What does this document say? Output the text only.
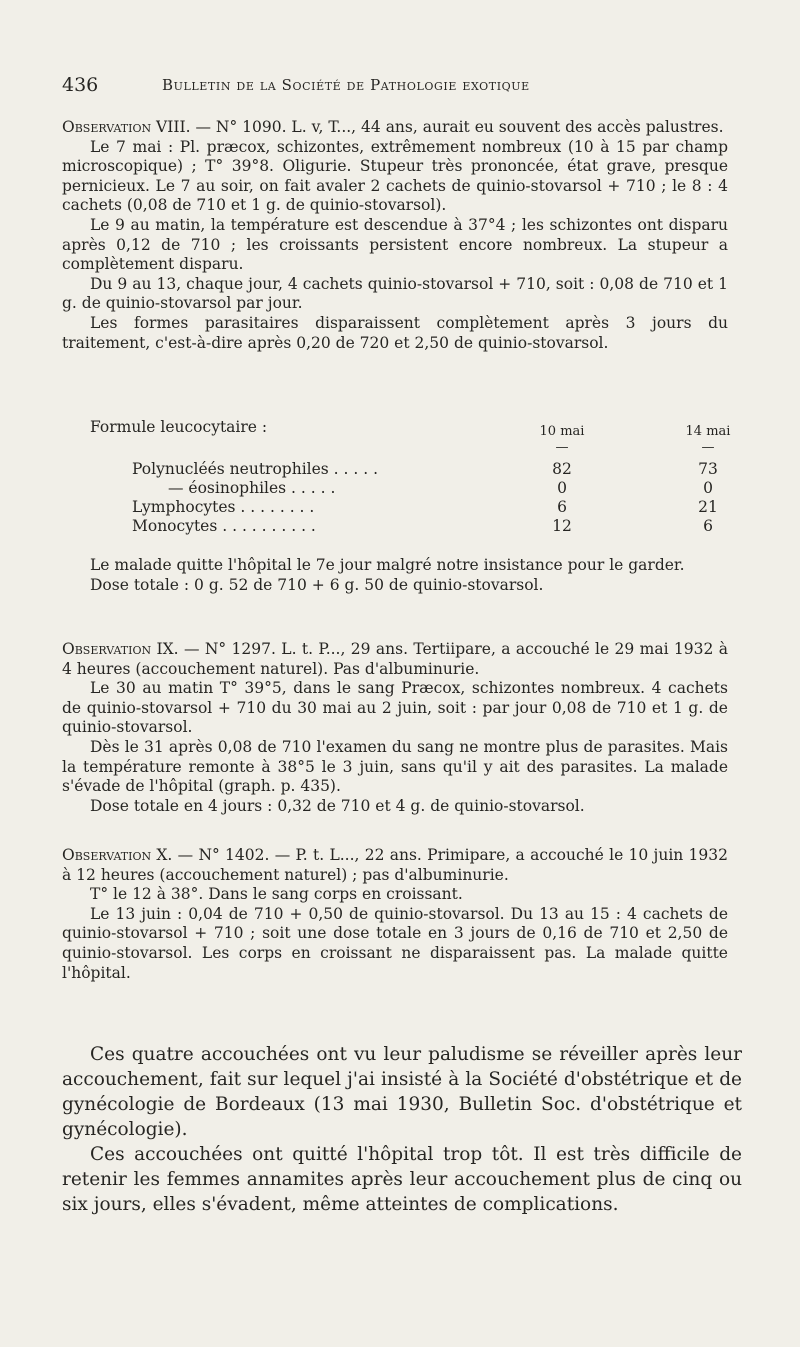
436	Bulletin de la Société de Pathologie exotique

Observation VIII. — N° 1090. L. v, T..., 44 ans, aurait eu souvent des accès palustres.

Le 7 mai : Pl. præcox, schizontes, extrêmement nombreux (10 à 15 par champ microscopique) ; T° 39°8. Oligurie. Stupeur très prononcée, état grave, presque pernicieux. Le 7 au soir, on fait avaler 2 cachets de quinio-stovarsol + 710 ; le 8 : 4 cachets (0,08 de 710 et 1 g. de quinio-stovarsol).

Le 9 au matin, la température est descendue à 37°4 ; les schizontes ont disparu après 0,12 de 710 ; les croissants persistent encore nombreux. La stupeur a complètement disparu.

Du 9 au 13, chaque jour, 4 cachets quinio-stovarsol + 710, soit : 0,08 de 710 et 1 g. de quinio-stovarsol par jour.

Les formes parasitaires disparaissent complètement après 3 jours du traitement, c'est-à-dire après 0,20 de 720 et 2,50 de quinio-stovarsol.

Formule leucocytaire :	10 mai	14 mai
—	—
Polynucléés neutrophiles . . . . .	82	73
— éosinophiles . . . . .	0	0
Lymphocytes . . . . . . . .	6	21
Monocytes . . . . . . . . . .	12	6

Le malade quitte l'hôpital le 7e jour malgré notre insistance pour le garder.

Dose totale : 0 g. 52 de 710 + 6 g. 50 de quinio-stovarsol.

Observation IX. — N° 1297. L. t. P..., 29 ans. Tertiipare, a accouché le 29 mai 1932 à 4 heures (accouchement naturel). Pas d'albuminurie.

Le 30 au matin T° 39°5, dans le sang Præcox, schizontes nombreux. 4 cachets de quinio-stovarsol + 710 du 30 mai au 2 juin, soit : par jour 0,08 de 710 et 1 g. de quinio-stovarsol.

Dès le 31 après 0,08 de 710 l'examen du sang ne montre plus de parasites. Mais la température remonte à 38°5 le 3 juin, sans qu'il y ait des parasites. La malade s'évade de l'hôpital (graph. p. 435).

Dose totale en 4 jours : 0,32 de 710 et 4 g. de quinio-stovarsol.

Observation X. — N° 1402. — P. t. L..., 22 ans. Primipare, a accouché le 10 juin 1932 à 12 heures (accouchement naturel) ; pas d'albuminurie.

T° le 12 à 38°. Dans le sang corps en croissant.

Le 13 juin : 0,04 de 710 + 0,50 de quinio-stovarsol. Du 13 au 15 : 4 cachets de quinio-stovarsol + 710 ; soit une dose totale en 3 jours de 0,16 de 710 et 2,50 de quinio-stovarsol. Les corps en croissant ne disparaissent pas. La malade quitte l'hôpital.

Ces quatre accouchées ont vu leur paludisme se réveiller après leur accouchement, fait sur lequel j'ai insisté à la Société d'obstétrique et de gynécologie de Bordeaux (13 mai 1930, Bulletin Soc. d'obstétrique et gynécologie).

Ces accouchées ont quitté l'hôpital trop tôt. Il est très difficile de retenir les femmes annamites après leur accouchement plus de cinq ou six jours, elles s'évadent, même atteintes de complications.
